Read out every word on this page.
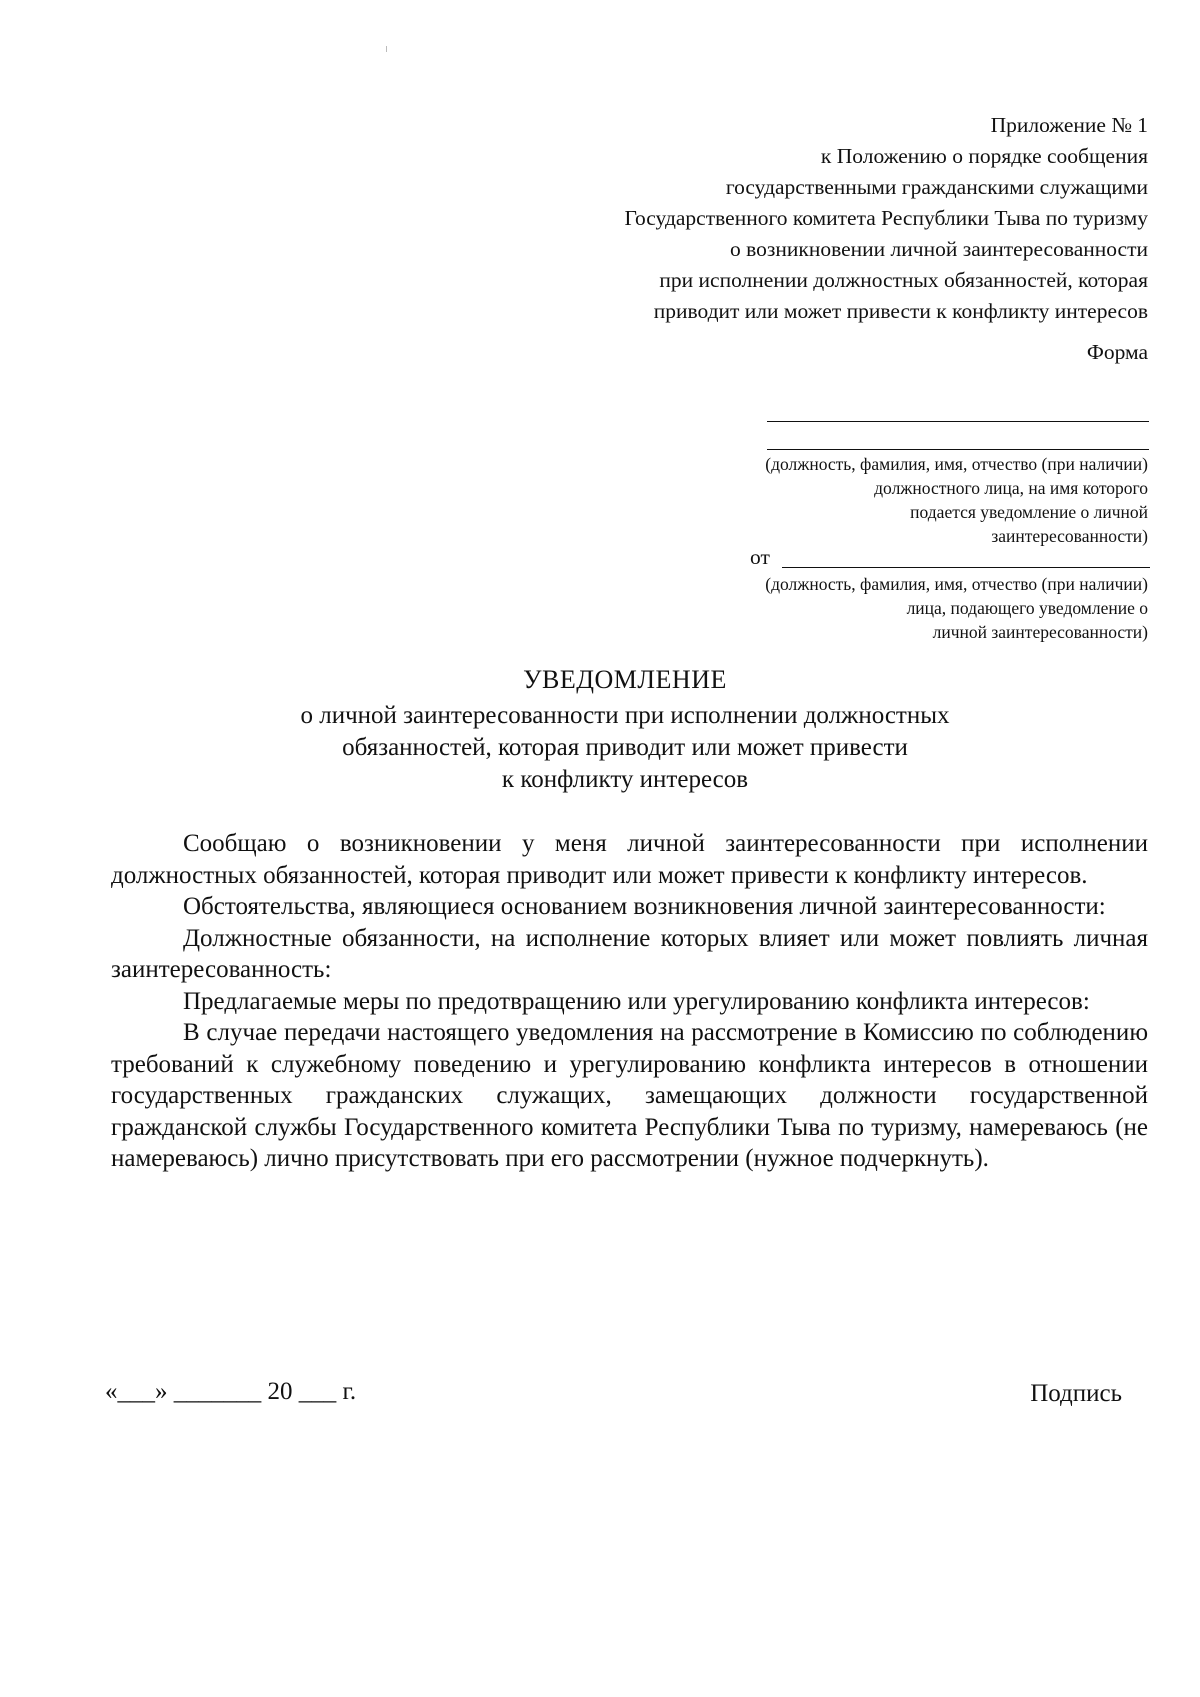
Приложение № 1
к Положению о порядке сообщения
государственными гражданскими служащими
Государственного комитета Республики Тыва по туризму
о возникновении личной заинтересованности
при исполнении должностных обязанностей, которая
приводит или может привести к конфликту интересов
Форма
(должность, фамилия, имя, отчество (при наличии)
должностного лица, на имя которого
подается уведомление о личной
заинтересованности)
от
(должность, фамилия, имя, отчество (при наличии)
лица, подающего уведомление о
личной заинтересованности)
УВЕДОМЛЕНИЕ
о личной заинтересованности при исполнении должностных
обязанностей, которая приводит или может привести
к конфликту интересов

Сообщаю о возникновении у меня личной заинтересованности при исполнении должностных обязанностей, которая приводит или может привести к конфликту интересов.

Обстоятельства, являющиеся основанием возникновения личной заинтересованности:

Должностные обязанности, на исполнение которых влияет или может повлиять личная заинтересованность:

Предлагаемые меры по предотвращению или урегулированию конфликта интересов:

В случае передачи настоящего уведомления на рассмотрение в Комиссию по соблюдению требований к служебному поведению и урегулированию конфликта интересов в отношении государственных гражданских служащих, замещающих должности государственной гражданской службы Государственного комитета Республики Тыва по туризму, намереваюсь (не намереваюсь) лично присутствовать при его рассмотрении (нужное подчеркнуть).

«___» _______ 20 ___ г.	Подпись
